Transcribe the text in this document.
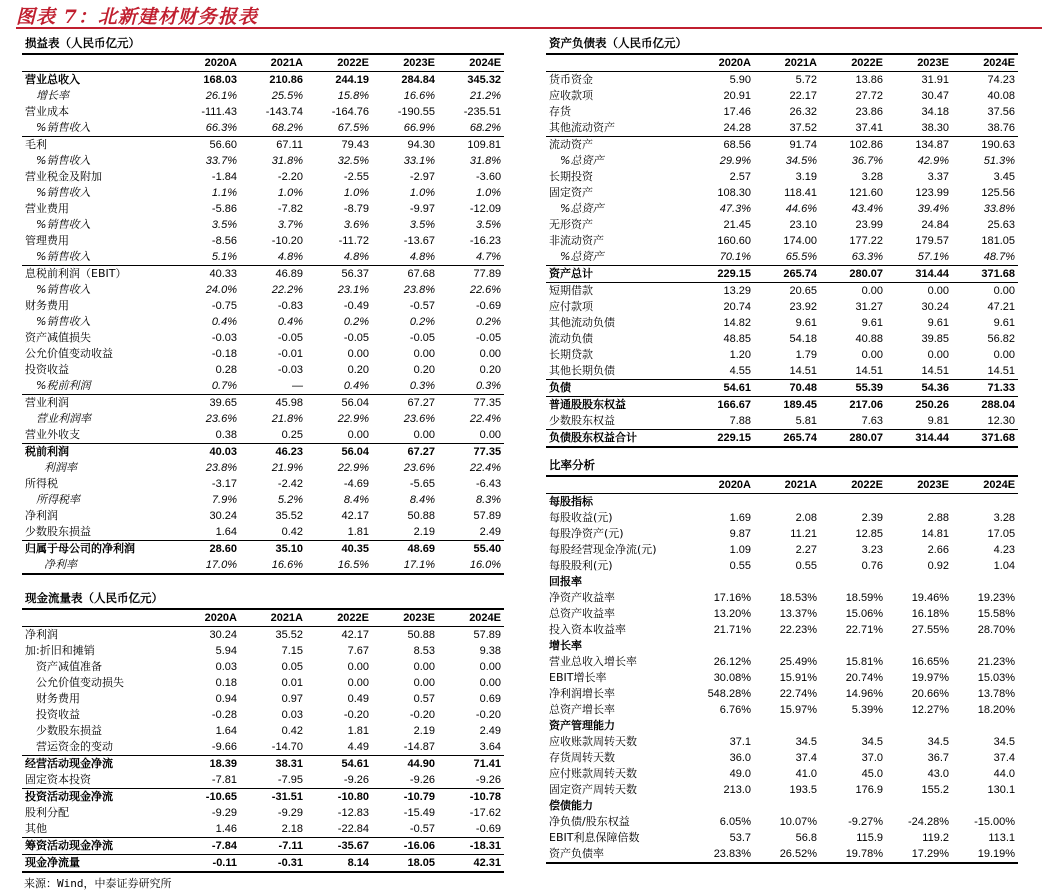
图表 7：北新建材财务报表
损益表（人民币亿元）					
	2020A	2021A	2022E	2023E	2024E
营业总收入	168.03	210.86	244.19	284.84	345.32
增长率	26.1%	25.5%	15.8%	16.6%	21.2%
营业成本	-111.43	-143.74	-164.76	-190.55	-235.51
%销售收入	66.3%	68.2%	67.5%	66.9%	68.2%
毛利	56.60	67.11	79.43	94.30	109.81
%销售收入	33.7%	31.8%	32.5%	33.1%	31.8%
营业税金及附加	-1.84	-2.20	-2.55	-2.97	-3.60
%销售收入	1.1%	1.0%	1.0%	1.0%	1.0%
营业费用	-5.86	-7.82	-8.79	-9.97	-12.09
%销售收入	3.5%	3.7%	3.6%	3.5%	3.5%
管理费用	-8.56	-10.20	-11.72	-13.67	-16.23
%销售收入	5.1%	4.8%	4.8%	4.8%	4.7%
息税前利润（EBIT）	40.33	46.89	56.37	67.68	77.89
%销售收入	24.0%	22.2%	23.1%	23.8%	22.6%
财务费用	-0.75	-0.83	-0.49	-0.57	-0.69
%销售收入	0.4%	0.4%	0.2%	0.2%	0.2%
资产减值损失	-0.03	-0.05	-0.05	-0.05	-0.05
公允价值变动收益	-0.18	-0.01	0.00	0.00	0.00
投资收益	0.28	-0.03	0.20	0.20	0.20
%税前利润	0.7%	—	0.4%	0.3%	0.3%
营业利润	39.65	45.98	56.04	67.27	77.35
营业利润率	23.6%	21.8%	22.9%	23.6%	22.4%
营业外收支	0.38	0.25	0.00	0.00	0.00
税前利润	40.03	46.23	56.04	67.27	77.35
利润率	23.8%	21.9%	22.9%	23.6%	22.4%
所得税	-3.17	-2.42	-4.69	-5.65	-6.43
所得税率	7.9%	5.2%	8.4%	8.4%	8.3%
净利润	30.24	35.52	42.17	50.88	57.89
少数股东损益	1.64	0.42	1.81	2.19	2.49
归属于母公司的净利润	28.60	35.10	40.35	48.69	55.40
净利率	17.0%	16.6%	16.5%	17.1%	16.0%
现金流量表（人民币亿元）					
	2020A	2021A	2022E	2023E	2024E
净利润	30.24	35.52	42.17	50.88	57.89
加:折旧和摊销	5.94	7.15	7.67	8.53	9.38
资产减值准备	0.03	0.05	0.00	0.00	0.00
公允价值变动损失	0.18	0.01	0.00	0.00	0.00
财务费用	0.94	0.97	0.49	0.57	0.69
投资收益	-0.28	0.03	-0.20	-0.20	-0.20
少数股东损益	1.64	0.42	1.81	2.19	2.49
营运资金的变动	-9.66	-14.70	4.49	-14.87	3.64
经营活动现金净流	18.39	38.31	54.61	44.90	71.41
固定资本投资	-7.81	-7.95	-9.26	-9.26	-9.26
投资活动现金净流	-10.65	-31.51	-10.80	-10.79	-10.78
股利分配	-9.29	-9.29	-12.83	-15.49	-17.62
其他	1.46	2.18	-22.84	-0.57	-0.69
筹资活动现金净流	-7.84	-7.11	-35.67	-16.06	-18.31
现金净流量	-0.11	-0.31	8.14	18.05	42.31
资产负债表（人民币亿元）					
	2020A	2021A	2022E	2023E	2024E
货币资金	5.90	5.72	13.86	31.91	74.23
应收款项	20.91	22.17	27.72	30.47	40.08
存货	17.46	26.32	23.86	34.18	37.56
其他流动资产	24.28	37.52	37.41	38.30	38.76
流动资产	68.56	91.74	102.86	134.87	190.63
%总资产	29.9%	34.5%	36.7%	42.9%	51.3%
长期投资	2.57	3.19	3.28	3.37	3.45
固定资产	108.30	118.41	121.60	123.99	125.56
%总资产	47.3%	44.6%	43.4%	39.4%	33.8%
无形资产	21.45	23.10	23.99	24.84	25.63
非流动资产	160.60	174.00	177.22	179.57	181.05
%总资产	70.1%	65.5%	63.3%	57.1%	48.7%
资产总计	229.15	265.74	280.07	314.44	371.68
短期借款	13.29	20.65	0.00	0.00	0.00
应付款项	20.74	23.92	31.27	30.24	47.21
其他流动负债	14.82	9.61	9.61	9.61	9.61
流动负债	48.85	54.18	40.88	39.85	56.82
长期贷款	1.20	1.79	0.00	0.00	0.00
其他长期负债	4.55	14.51	14.51	14.51	14.51
负债	54.61	70.48	55.39	54.36	71.33
普通股股东权益	166.67	189.45	217.06	250.26	288.04
少数股东权益	7.88	5.81	7.63	9.81	12.30
负债股东权益合计	229.15	265.74	280.07	314.44	371.68
比率分析					
	2020A	2021A	2022E	2023E	2024E
每股指标					
每股收益(元)	1.69	2.08	2.39	2.88	3.28
每股净资产(元)	9.87	11.21	12.85	14.81	17.05
每股经营现金净流(元)	1.09	2.27	3.23	2.66	4.23
每股股利(元)	0.55	0.55	0.76	0.92	1.04
回报率					
净资产收益率	17.16%	18.53%	18.59%	19.46%	19.23%
总资产收益率	13.20%	13.37%	15.06%	16.18%	15.58%
投入资本收益率	21.71%	22.23%	22.71%	27.55%	28.70%
增长率					
营业总收入增长率	26.12%	25.49%	15.81%	16.65%	21.23%
EBIT增长率	30.08%	15.91%	20.74%	19.97%	15.03%
净利润增长率	548.28%	22.74%	14.96%	20.66%	13.78%
总资产增长率	6.76%	15.97%	5.39%	12.27%	18.20%
资产管理能力					
应收账款周转天数	37.1	34.5	34.5	34.5	34.5
存货周转天数	36.0	37.4	37.0	36.7	37.4
应付账款周转天数	49.0	41.0	45.0	43.0	44.0
固定资产周转天数	213.0	193.5	176.9	155.2	130.1
偿债能力					
净负债/股东权益	6.05%	10.07%	-9.27%	-24.28%	-15.00%
EBIT利息保障倍数	53.7	56.8	115.9	119.2	113.1
资产负债率	23.83%	26.52%	19.78%	17.29%	19.19%
来源：Wind，中泰证券研究所
